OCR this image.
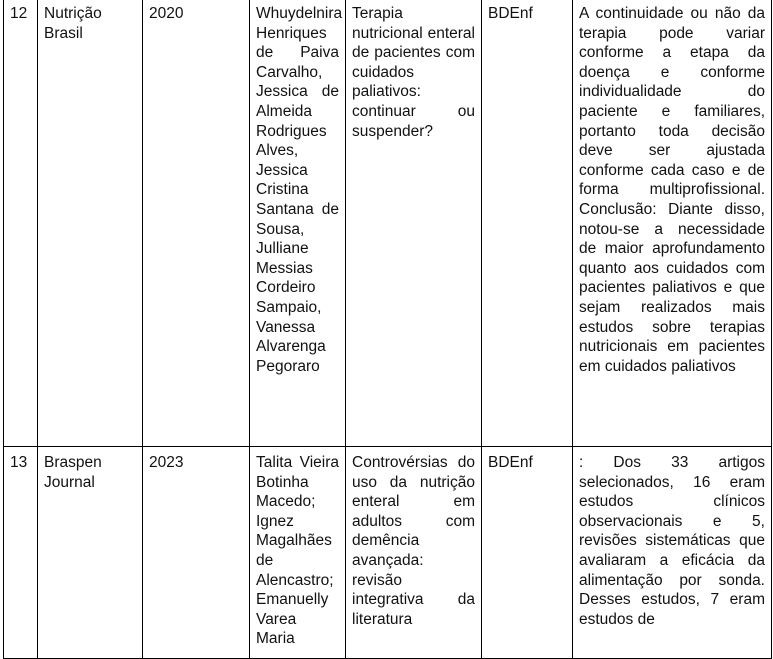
12	Nutrição Brasil	2020	Whuydelnira Henriques de Paiva Carvalho, Jessica de Almeida Rodrigues Alves, Jessica Cristina Santana de Sousa, Julliane Messias Cordeiro Sampaio, Vanessa Alvarenga Pegoraro	Terapia nutricional enteral de pacientes com cuidados paliativos: continuar ou suspender?	BDEnf	A continuidade ou não da terapia pode variar conforme a etapa da doença e conforme individualidade do paciente e familiares, portanto toda decisão deve ser ajustada conforme cada caso e de forma multiprofissional. Conclusão: Diante disso, notou-se a necessidade de maior aprofundamento quanto aos cuidados com pacientes paliativos e que sejam realizados mais estudos sobre terapias nutricionais em pacientes em cuidados paliativos
13	Braspen Journal	2023	Talita Vieira Botinha Macedo; Ignez Magalhães de Alencastro; Emanuelly Varea Maria	Controvérsias do uso da nutrição enteral em adultos com demência avançada: revisão integrativa da literatura	BDEnf	: Dos 33 artigos selecionados, 16 eram estudos clínicos observacionais e 5, revisões sistemáticas que avaliaram a eficácia da alimentação por sonda. Desses estudos, 7 eram estudos de
